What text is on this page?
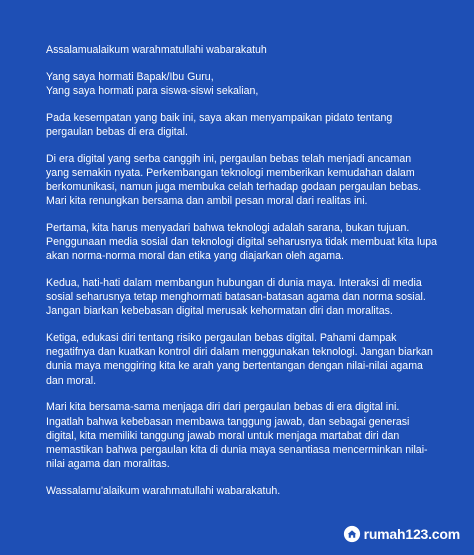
Assalamualaikum warahmatullahi wabarakatuh

Yang saya hormati Bapak/Ibu Guru,
Yang saya hormati para siswa-siswi sekalian,

Pada kesempatan yang baik ini, saya akan menyampaikan pidato tentang
pergaulan bebas di era digital.

Di era digital yang serba canggih ini, pergaulan bebas telah menjadi ancaman
yang semakin nyata. Perkembangan teknologi memberikan kemudahan dalam
berkomunikasi, namun juga membuka celah terhadap godaan pergaulan bebas.
Mari kita renungkan bersama dan ambil pesan moral dari realitas ini.

Pertama, kita harus menyadari bahwa teknologi adalah sarana, bukan tujuan.
Penggunaan media sosial dan teknologi digital seharusnya tidak membuat kita lupa
akan norma-norma moral dan etika yang diajarkan oleh agama.

Kedua, hati-hati dalam membangun hubungan di dunia maya. Interaksi di media
sosial seharusnya tetap menghormati batasan-batasan agama dan norma sosial.
Jangan biarkan kebebasan digital merusak kehormatan diri dan moralitas.

Ketiga, edukasi diri tentang risiko pergaulan bebas digital. Pahami dampak
negatifnya dan kuatkan kontrol diri dalam menggunakan teknologi. Jangan biarkan
dunia maya menggiring kita ke arah yang bertentangan dengan nilai-nilai agama
dan moral.

Mari kita bersama-sama menjaga diri dari pergaulan bebas di era digital ini.
Ingatlah bahwa kebebasan membawa tanggung jawab, dan sebagai generasi
digital, kita memiliki tanggung jawab moral untuk menjaga martabat diri dan
memastikan bahwa pergaulan kita di dunia maya senantiasa mencerminkan nilai-
nilai agama dan moralitas.

Wassalamu'alaikum warahmatullahi wabarakatuh.

rumah123.com
